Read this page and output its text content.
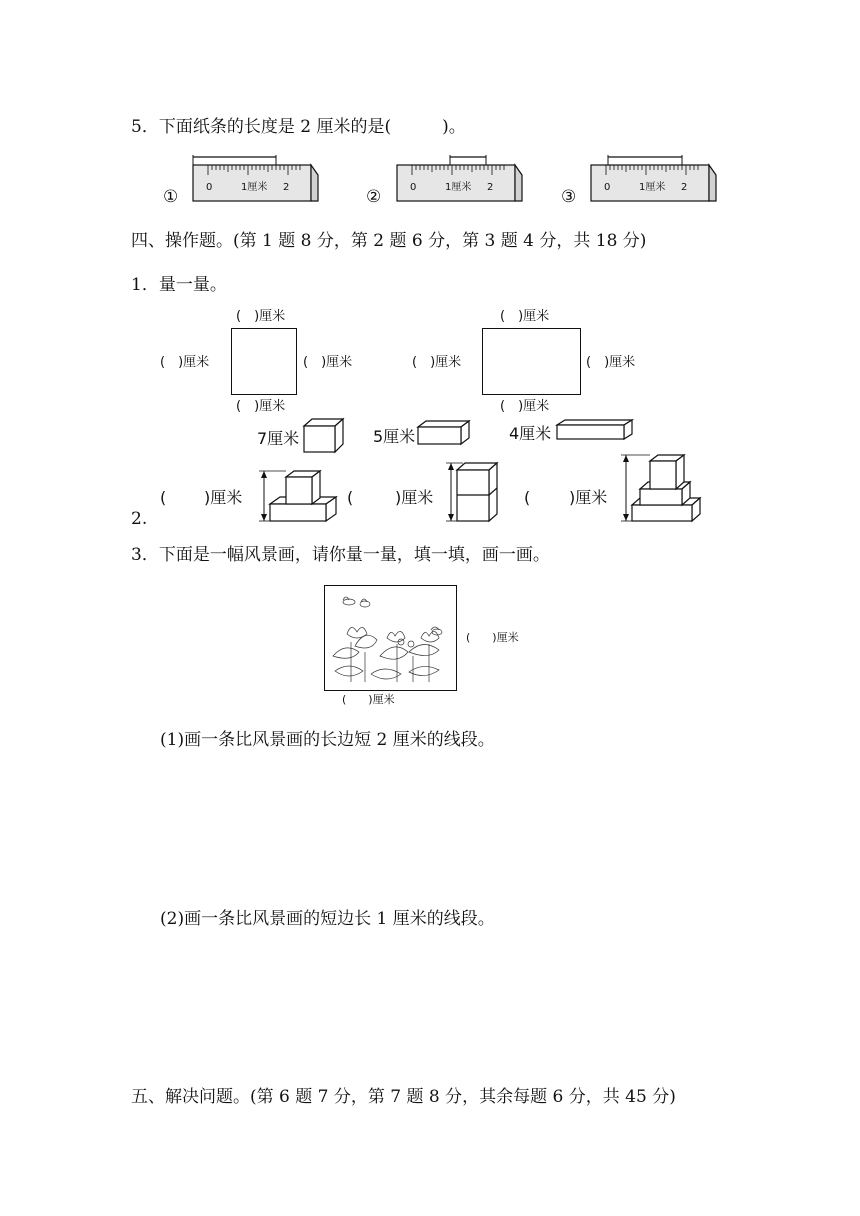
5．下面纸条的长度是 2 厘米的是(　　　)。
①	②	③
0	1厘米 2	0	1厘米 2	0	1厘米 2
四、操作题。(第 1 题 8 分，第 2 题 6 分，第 3 题 4 分，共 18 分)
1．量一量。
(　)厘米
(　)厘米	(　)厘米
(　)厘米
(　)厘米
(　)厘米	(　)厘米
(　)厘米
7厘米	5厘米	4厘米
2.
( )厘米	(	)厘米	( )厘米
3．下面是一幅风景画，请你量一量，填一填，画一画。
(　　)厘米
(　　)厘米
(1)画一条比风景画的长边短 2 厘米的线段。
(2)画一条比风景画的短边长 1 厘米的线段。
五、解决问题。(第 6 题 7 分，第 7 题 8 分，其余每题 6 分，共 45 分)
